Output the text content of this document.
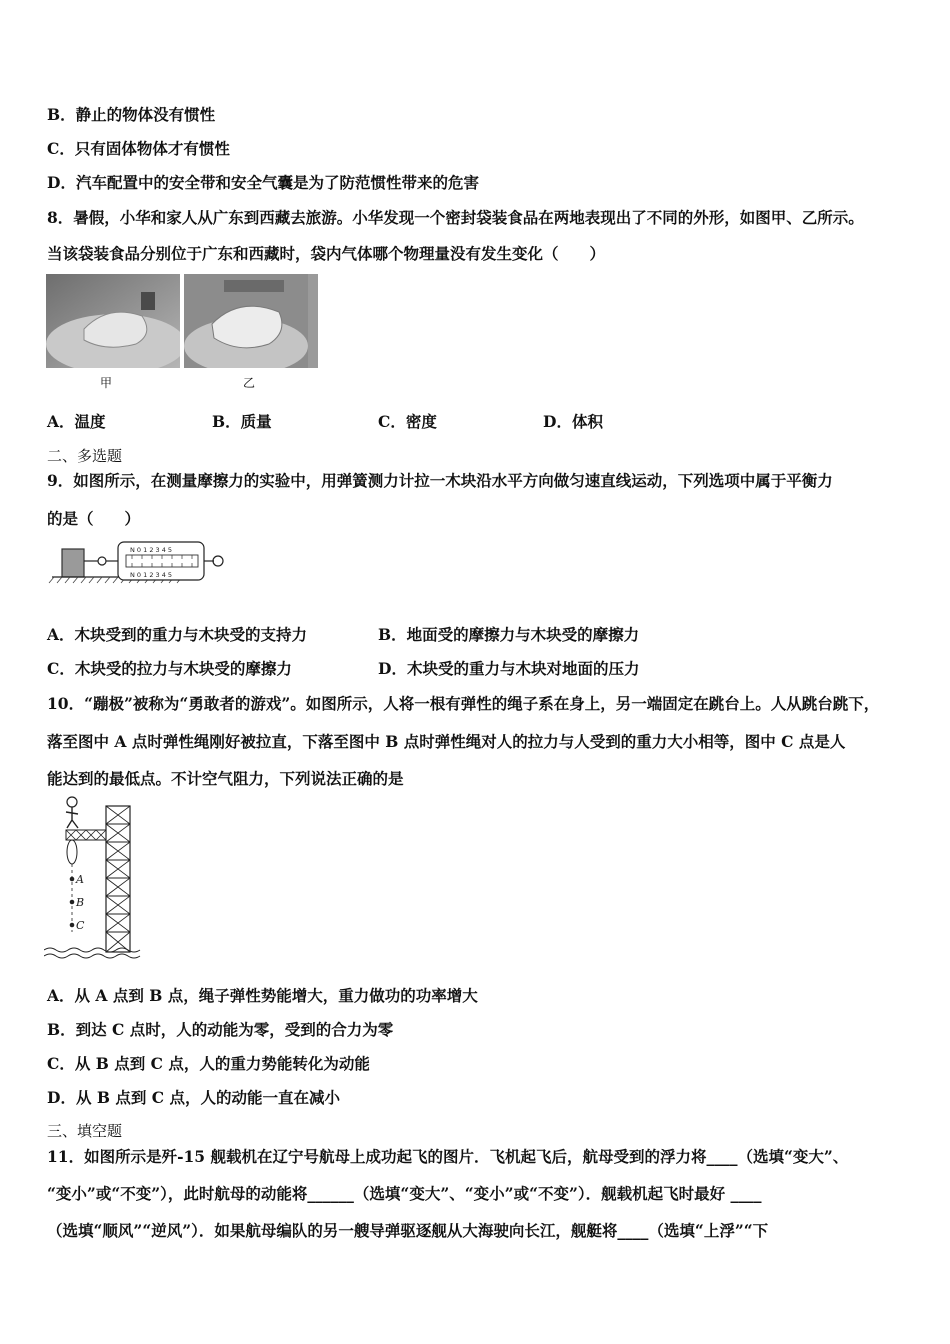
B．静止的物体没有惯性
C．只有固体物体才有惯性
D．汽车配置中的安全带和安全气囊是为了防范惯性带来的危害
8．暑假，小华和家人从广东到西藏去旅游。小华发现一个密封袋装食品在两地表现出了不同的外形，如图甲、乙所示。
当该袋装食品分别位于广东和西藏时，袋内气体哪个物理量没有发生变化（　　）
甲	乙
A．温度	B．质量	C．密度	D．体积
二、多选题
9．如图所示，在测量摩擦力的实验中，用弹簧测力计拉一木块沿水平方向做匀速直线运动，下列选项中属于平衡力
的是（　　）
N 0 1 2 3 4 5
N 0 1 2 3 4 5
A．木块受到的重力与木块受的支持力	B．地面受的摩擦力与木块受的摩擦力
C．木块受的拉力与木块受的摩擦力	D．木块受的重力与木块对地面的压力
10．“蹦极”被称为“勇敢者的游戏”。如图所示，人将一根有弹性的绳子系在身上，另一端固定在跳台上。人从跳台跳下，
落至图中 A 点时弹性绳刚好被拉直，下落至图中 B 点时弹性绳对人的拉力与人受到的重力大小相等，图中 C 点是人
能达到的最低点。不计空气阻力，下列说法正确的是
A
B
C
A．从 A 点到 B 点，绳子弹性势能增大，重力做功的功率增大
B．到达 C 点时，人的动能为零，受到的合力为零
C．从 B 点到 C 点，人的重力势能转化为动能
D．从 B 点到 C 点，人的动能一直在减小
三、填空题
11．如图所示是歼-15 舰载机在辽宁号航母上成功起飞的图片．飞机起飞后，航母受到的浮力将____（选填“变大”、
“变小”或“不变”），此时航母的动能将______（选填“变大”、“变小”或“不变”）．舰载机起飞时最好 ____
（选填“顺风”“逆风”）．如果航母编队的另一艘导弹驱逐舰从大海驶向长江，舰艇将____（选填“上浮”“下
